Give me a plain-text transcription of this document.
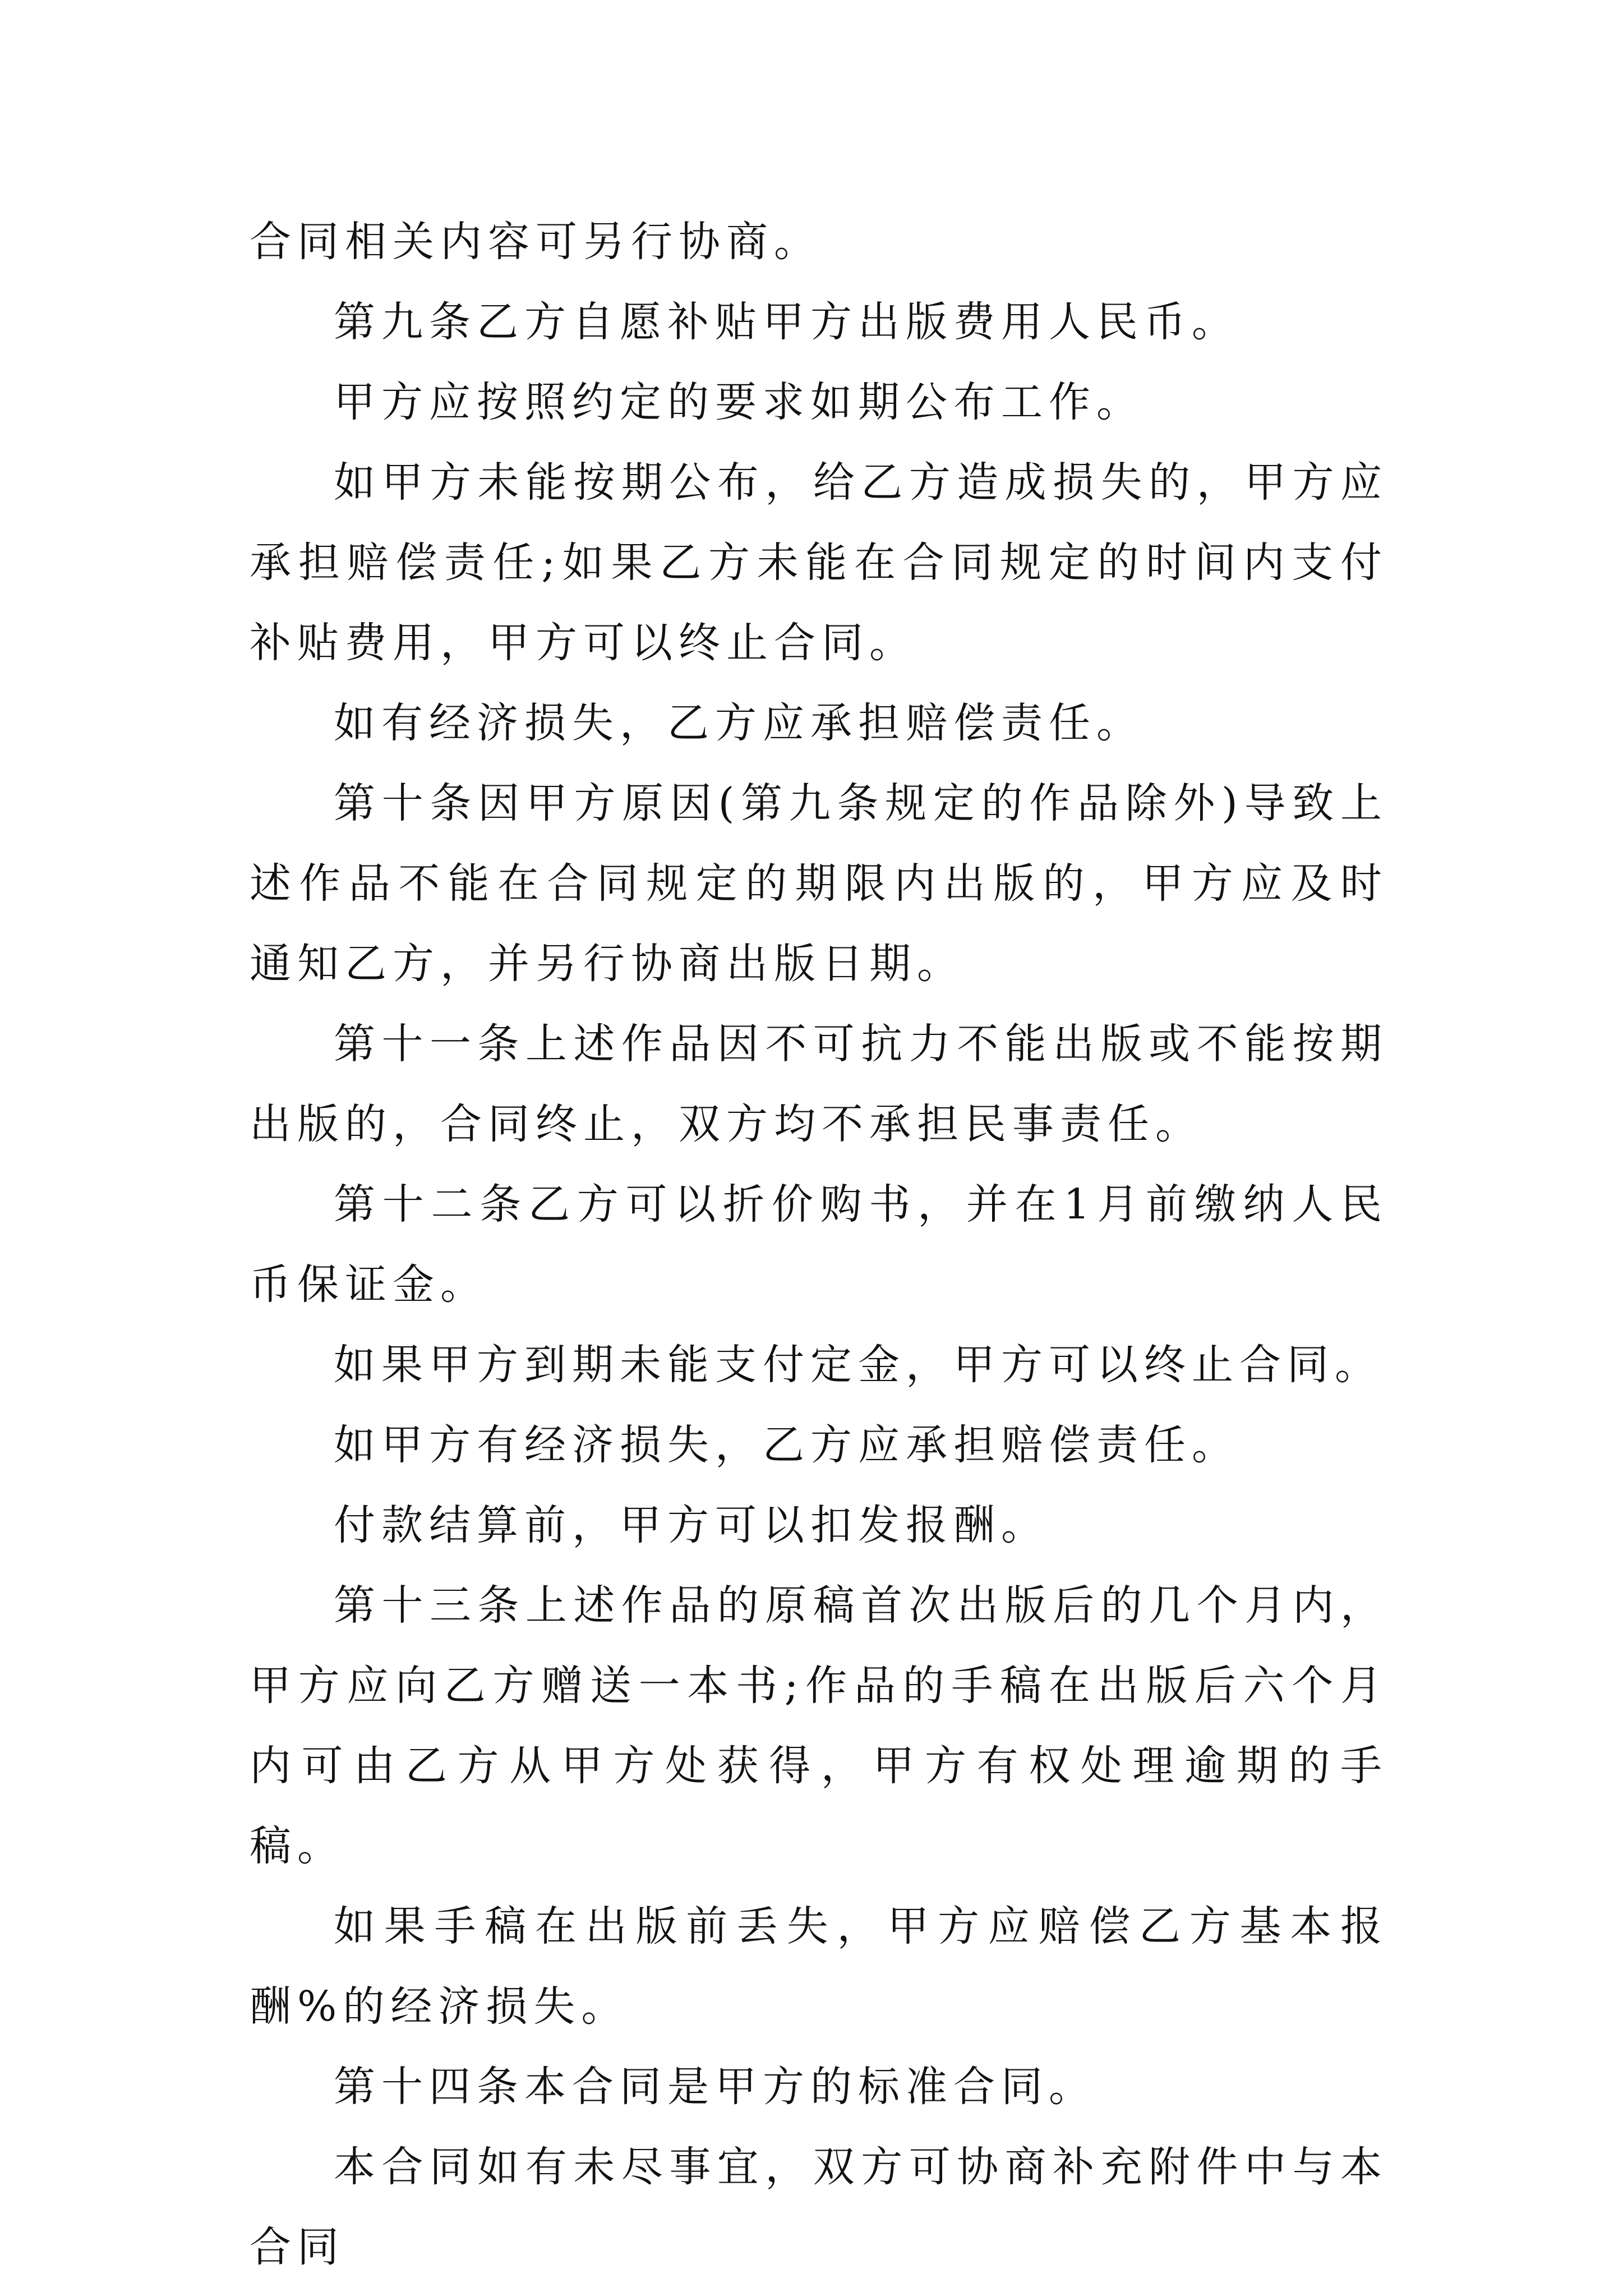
合同相关内容可另行协商。

第九条乙方自愿补贴甲方出版费用人民币。

甲方应按照约定的要求如期公布工作。

如甲方未能按期公布，给乙方造成损失的，甲方应承担赔偿责任;如果乙方未能在合同规定的时间内支付补贴费用，甲方可以终止合同。

如有经济损失，乙方应承担赔偿责任。

第十条因甲方原因(第九条规定的作品除外)导致上述作品不能在合同规定的期限内出版的，甲方应及时通知乙方，并另行协商出版日期。

第十一条上述作品因不可抗力不能出版或不能按期出版的，合同终止，双方均不承担民事责任。

第十二条乙方可以折价购书，并在1月前缴纳人民币保证金。

如果甲方到期未能支付定金，甲方可以终止合同。

如甲方有经济损失，乙方应承担赔偿责任。

付款结算前，甲方可以扣发报酬。

第十三条上述作品的原稿首次出版后的几个月内，甲方应向乙方赠送一本书;作品的手稿在出版后六个月内可由乙方从甲方处获得，甲方有权处理逾期的手稿。

如果手稿在出版前丢失，甲方应赔偿乙方基本报酬%的经济损失。

第十四条本合同是甲方的标准合同。

本合同如有未尽事宜，双方可协商补充附件中与本合同
